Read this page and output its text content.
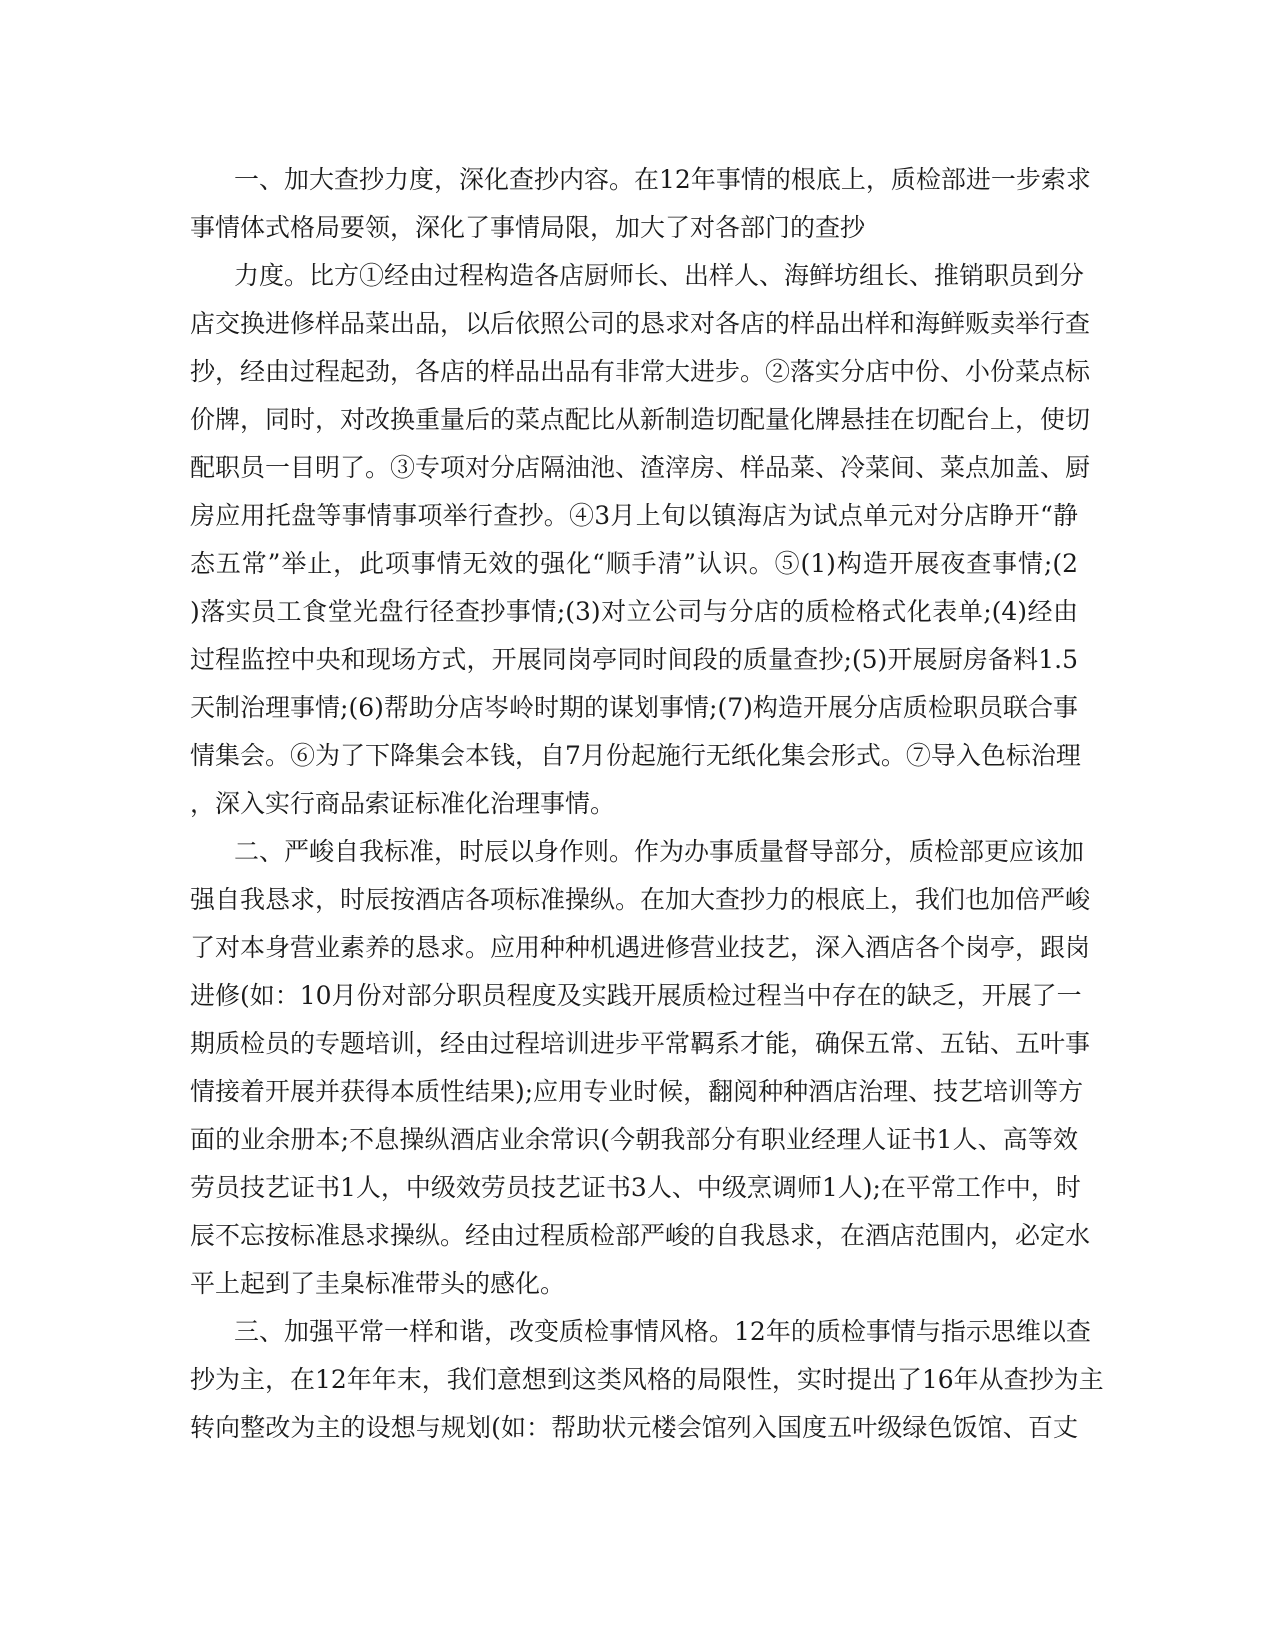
一、加大查抄力度，深化查抄内容。在12年事情的根底上，质检部进一步索求
事情体式格局要领，深化了事情局限，加大了对各部门的查抄
力度。比方①经由过程构造各店厨师长、出样人、海鲜坊组长、推销职员到分
店交换进修样品菜出品，以后依照公司的恳求对各店的样品出样和海鲜贩卖举行查
抄，经由过程起劲，各店的样品出品有非常大进步。②落实分店中份、小份菜点标
价牌，同时，对改换重量后的菜点配比从新制造切配量化牌悬挂在切配台上，使切
配职员一目明了。③专项对分店隔油池、渣滓房、样品菜、冷菜间、菜点加盖、厨
房应用托盘等事情事项举行查抄。④3月上旬以镇海店为试点单元对分店睁开“静
态五常”举止，此项事情无效的强化“顺手清”认识。⑤(1)构造开展夜查事情;(2
)落实员工食堂光盘行径查抄事情;(3)对立公司与分店的质检格式化表单;(4)经由
过程监控中央和现场方式，开展同岗亭同时间段的质量查抄;(5)开展厨房备料1.5
天制治理事情;(6)帮助分店岑岭时期的谋划事情;(7)构造开展分店质检职员联合事
情集会。⑥为了下降集会本钱，自7月份起施行无纸化集会形式。⑦导入色标治理
，深入实行商品索证标准化治理事情。
二、严峻自我标准，时辰以身作则。作为办事质量督导部分，质检部更应该加
强自我恳求，时辰按酒店各项标准操纵。在加大查抄力的根底上，我们也加倍严峻
了对本身营业素养的恳求。应用种种机遇进修营业技艺，深入酒店各个岗亭，跟岗
进修(如：10月份对部分职员程度及实践开展质检过程当中存在的缺乏，开展了一
期质检员的专题培训，经由过程培训进步平常羁系才能，确保五常、五钻、五叶事
情接着开展并获得本质性结果);应用专业时候，翻阅种种酒店治理、技艺培训等方
面的业余册本;不息操纵酒店业余常识(今朝我部分有职业经理人证书1人、高等效
劳员技艺证书1人，中级效劳员技艺证书3人、中级烹调师1人);在平常工作中，时
辰不忘按标准恳求操纵。经由过程质检部严峻的自我恳求，在酒店范围内，必定水
平上起到了圭臬标准带头的感化。
三、加强平常一样和谐，改变质检事情风格。12年的质检事情与指示思维以查
抄为主，在12年年末，我们意想到这类风格的局限性，实时提出了16年从查抄为主
转向整改为主的设想与规划(如：帮助状元楼会馆列入国度五叶级绿色饭馆、百丈
